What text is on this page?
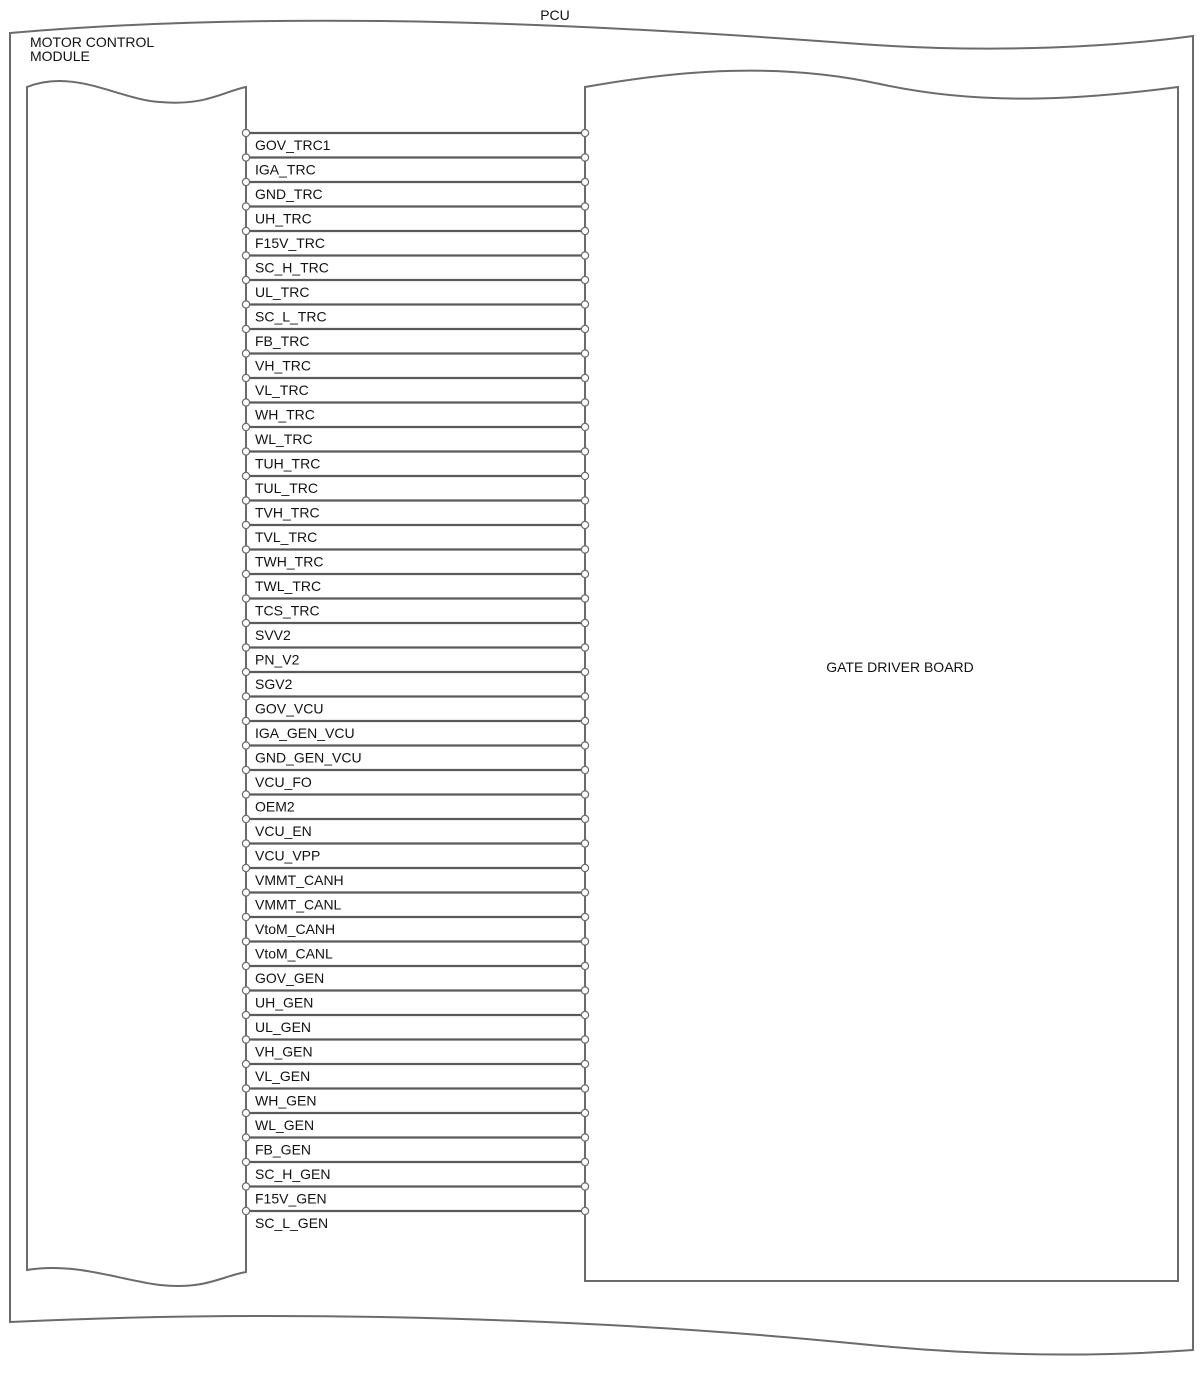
PCU
MOTOR CONTROL
MODULE
GATE DRIVER BOARD
GOV_TRC1
IGA_TRC
GND_TRC
UH_TRC
F15V_TRC
SC_H_TRC
UL_TRC
SC_L_TRC
FB_TRC
VH_TRC
VL_TRC
WH_TRC
WL_TRC
TUH_TRC
TUL_TRC
TVH_TRC
TVL_TRC
TWH_TRC
TWL_TRC
TCS_TRC
SVV2
PN_V2
SGV2
GOV_VCU
IGA_GEN_VCU
GND_GEN_VCU
VCU_FO
OEM2
VCU_EN
VCU_VPP
VMMT_CANH
VMMT_CANL
VtoM_CANH
VtoM_CANL
GOV_GEN
UH_GEN
UL_GEN
VH_GEN
VL_GEN
WH_GEN
WL_GEN
FB_GEN
SC_H_GEN
F15V_GEN
SC_L_GEN
